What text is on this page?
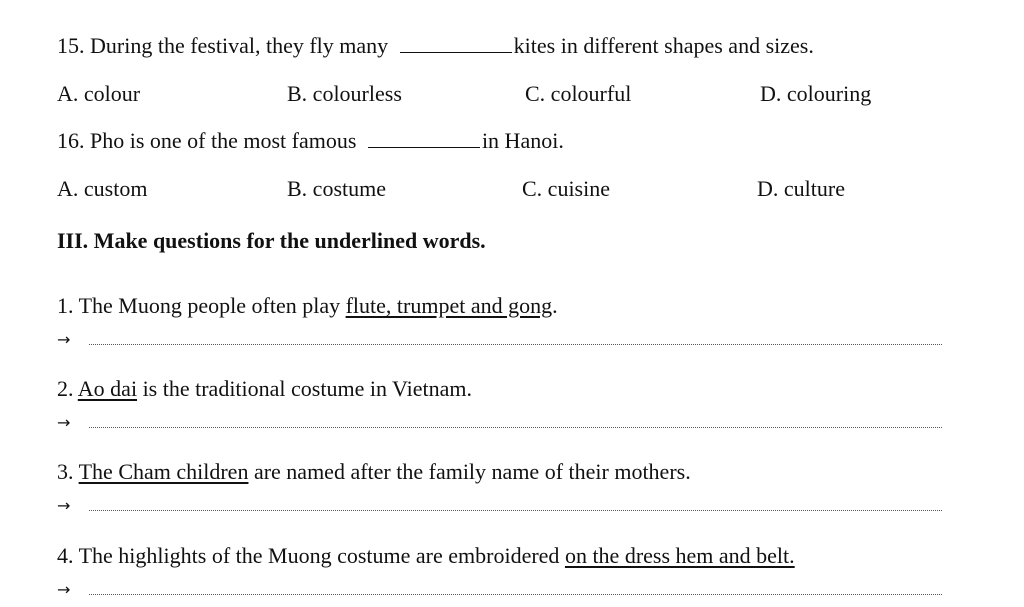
15. During the festival, they fly many	kites in different shapes and sizes.
A. colour	B. colourless	C. colourful	D. colouring
16. Pho is one of the most famous	in Hanoi.
A. custom	B. costume	C. cuisine	D. culture
III. Make questions for the underlined words.
1. The Muong people often play flute, trumpet and gong.
→
2. Ao dai is the traditional costume in Vietnam.
→
3. The Cham children are named after the family name of their mothers.
→
4. The highlights of the Muong costume are embroidered on the dress hem and belt.
→
